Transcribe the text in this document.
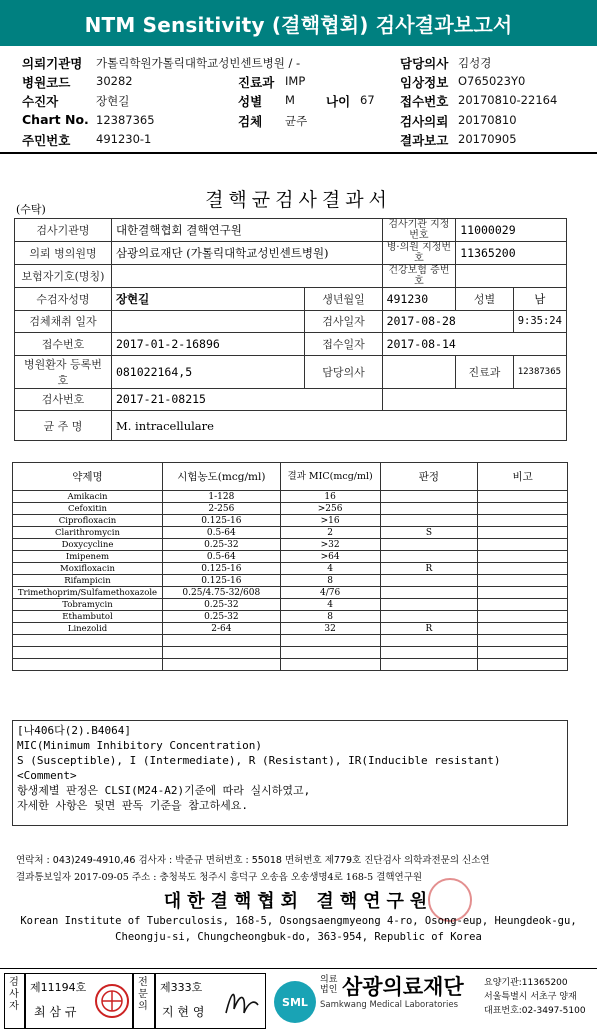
NTM Sensitivity (결핵협회) 검사결과보고서
의뢰기관명 가톨릭학원가톨릭대학교성빈센트병원 / -	담당의사 김성경
병원코드 30282	진료과 IMP	임상정보 O765023Y0
수진자	장현길	성별 M 나이 67 접수번호 20170810-22164
Chart No. 12387365	검체 균주	검사의뢰 20170810
주민번호 491230-1	결과보고 20170905
결핵균검사결과서
(수탁)
검사기관명	대한결핵협회 결핵연구원		검사기관 지정번호	11000029	
의뢰 병의원명	삼광의료재단 (가톨릭대학교성빈센트병원)		병·의원 지정번호	11365200	
보험자기호(명칭)			건강보험 증번호		
수검자성명	장현길	생년월일	491230	성별	남
검체채취 일자		검사일자	2017-08-28		9:35:24
접수번호	2017-01-2-16896	접수일자	2017-08-14		
병원환자 등록번호	081022164,5	담당의사		진료과	12387365
검사번호	2017-21-08215				
균 주 명	M. intracellulare				
약제명	시험농도(mcg/ml)	결과 MIC(mcg/ml)	판정	비고
Amikacin	1-128	16		
Cefoxitin	2-256	>256		
Ciprofloxacin	0.125-16	>16		
Clarithromycin	0.5-64	2	S	
Doxycycline	0.25-32	>32		
Imipenem	0.5-64	>64		
Moxifloxacin	0.125-16	4	R	
Rifampicin	0.125-16	8		
Trimethoprim/Sulfamethoxazole	0.25/4.75-32/608	4/76		
Tobramycin	0.25-32	4		
Ethambutol	0.25-32	8		
Linezolid	2-64	32	R	

[나406다(2).B4064]
MIC(Minimum Inhibitory Concentration)
S (Susceptible), I (Intermediate), R (Resistant), IR(Inducible resistant)
<Comment>
항생제별 판정은 CLSI(M24-A2)기준에 따라 실시하였고,
자세한 사항은 뒷면 판독 기준을 참고하세요.
연락처 : 043)249-4910,46 검사자 : 박준규 면허번호 : 55018 면허번호 제779호 진단검사 의학과전문의 신소연
결과통보일자 2017-09-05 주소 : 충청북도 청주시 흥덕구 오송읍 오송생명4로 168-5 결핵연구원
대한결핵협회 결핵연구원
Korean Institute of Tuberculosis, 168-5, Osongsaengmyeong 4-ro, Osong-eup, Heungdeok-gu,
Cheongju-si, Chungcheongbuk-do, 363-954, Republic of Korea
검사자
제11194호
최 삼 규
전문의
제333호
지 현 영
SML
의료
법인 삼광의료재단
Samkwang Medical Laboratories
요양기관:11365200
서울특별시 서초구 양재
대표번호:02-3497-5100
